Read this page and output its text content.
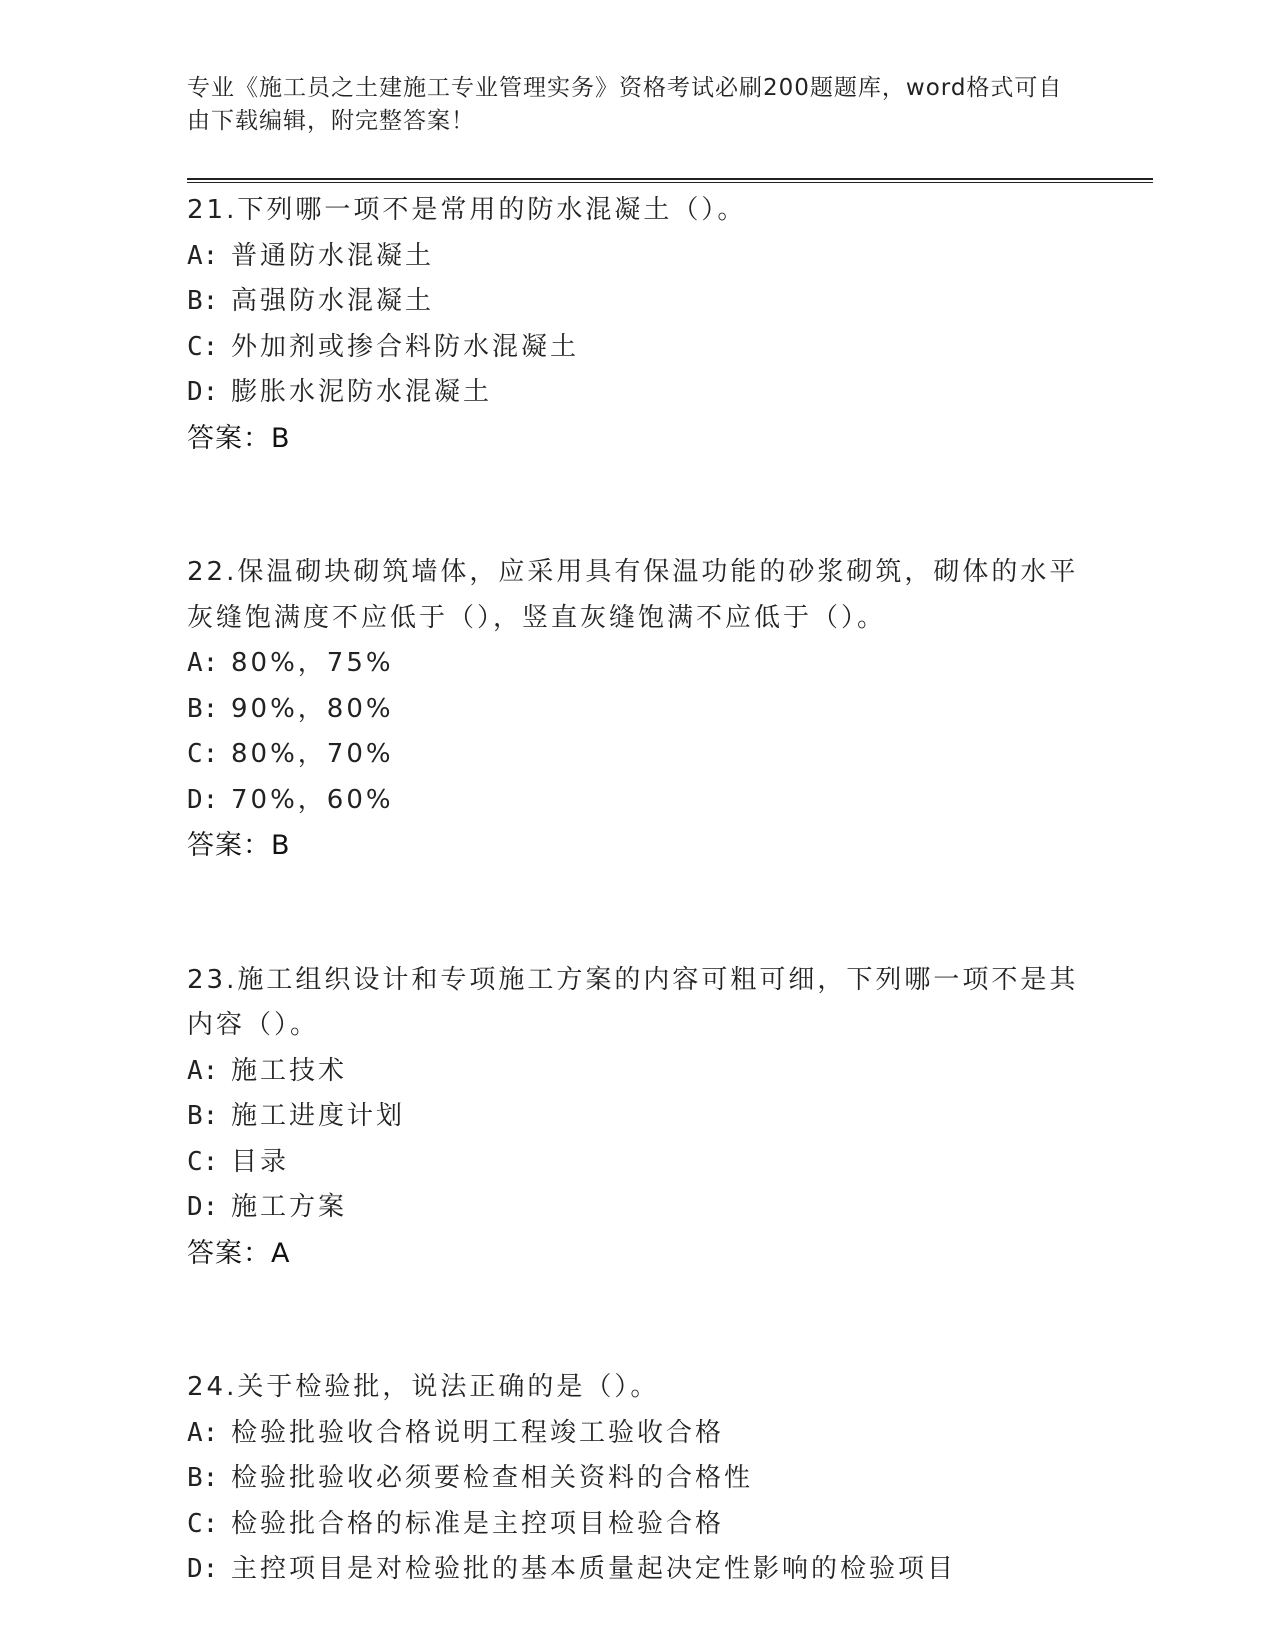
专业《施工员之土建施工专业管理实务》资格考试必刷200题题库，word格式可自由下载编辑，附完整答案！

21.下列哪一项不是常用的防水混凝土（）。

A: 普通防水混凝土
B: 高强防水混凝土
C: 外加剂或掺合料防水混凝土
D: 膨胀水泥防水混凝土

答案：B

22.保温砌块砌筑墙体，应采用具有保温功能的砂浆砌筑，砌体的水平灰缝饱满度不应低于（），竖直灰缝饱满不应低于（）。

A: 80%，75%
B: 90%，80%
C: 80%，70%
D: 70%，60%

答案：B

23.施工组织设计和专项施工方案的内容可粗可细，下列哪一项不是其内容（）。

A: 施工技术
B: 施工进度计划
C: 目录
D: 施工方案

答案：A

24.关于检验批，说法正确的是（）。

A: 检验批验收合格说明工程竣工验收合格
B: 检验批验收必须要检查相关资料的合格性
C: 检验批合格的标准是主控项目检验合格
D: 主控项目是对检验批的基本质量起决定性影响的检验项目
